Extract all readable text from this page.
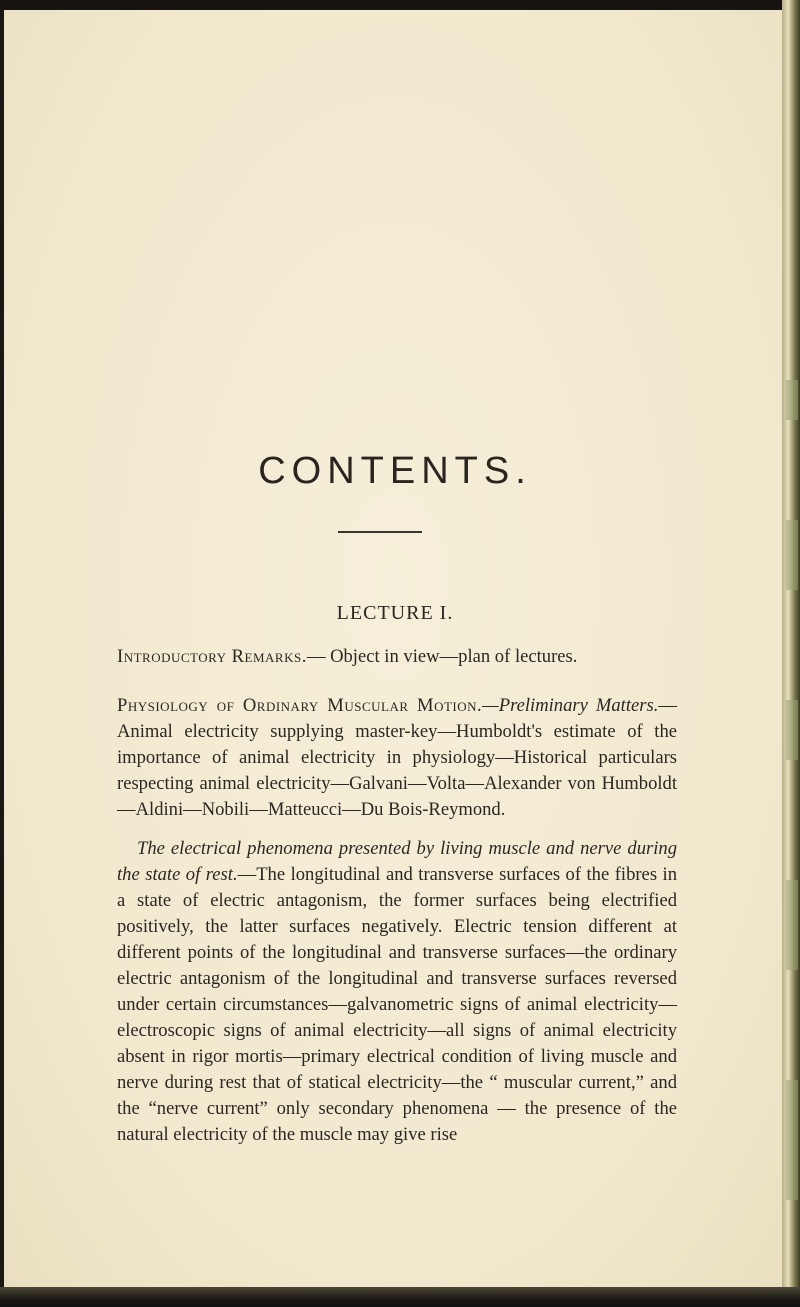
CONTENTS.
LECTURE I.

Introductory Remarks.— Object in view—plan of lectures.

Physiology of Ordinary Muscular Motion.—Preliminary Matters.—Animal electricity supplying master-key—Humboldt's estimate of the importance of animal electricity in physiology—Historical particulars respecting animal electricity—Galvani—Volta—Alexander von Humboldt—Aldini—Nobili—Matteucci—Du Bois-Reymond.

The electrical phenomena presented by living muscle and nerve during the state of rest.—The longitudinal and transverse surfaces of the fibres in a state of electric antagonism, the former surfaces being electrified positively, the latter surfaces negatively. Electric tension different at different points of the longitudinal and transverse surfaces—the ordinary electric antagonism of the longitudinal and transverse surfaces reversed under certain circumstances—galvanometric signs of animal electricity—electroscopic signs of animal electricity—all signs of animal electricity absent in rigor mortis—primary electrical condition of living muscle and nerve during rest that of statical electricity—the “ muscular current,” and the “nerve current” only secondary phenomena — the presence of the natural electricity of the muscle may give rise
